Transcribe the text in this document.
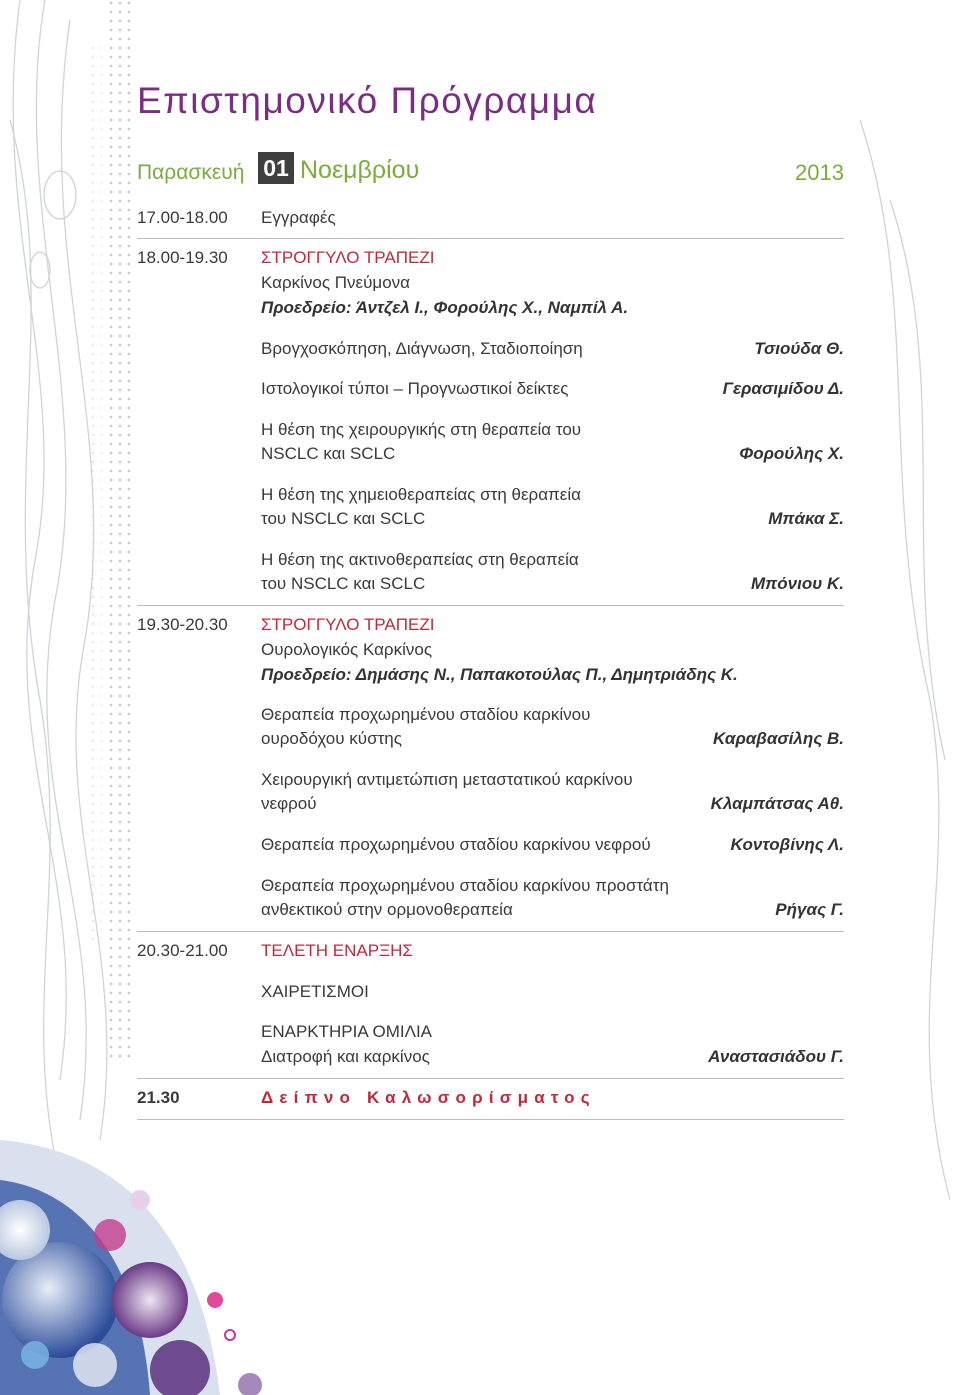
Επιστημονικό Πρόγραμμα
Παρασκευή 01 Νοεμβρίου	2013
17.00-18.00 Εγγραφές
18.00-19.30 ΣΤΡΟΓΓΥΛΟ ΤΡΑΠΕΖΙ
Καρκίνος Πνεύμονα
Προεδρείο: Άντζελ Ι., Φορούλης Χ., Ναμπίλ Α.
Βρογχοσκόπηση, Διάγνωση, Σταδιοποίηση	Τσιούδα Θ.
Ιστολογικοί τύποι – Προγνωστικοί δείκτες	Γερασιμίδου Δ.
Η θέση της χειρουργικής στη θεραπεία του
NSCLC και SCLC	Φορούλης Χ.
Η θέση της χημειοθεραπείας στη θεραπεία
του NSCLC και SCLC	Μπάκα Σ.
Η θέση της ακτινοθεραπείας στη θεραπεία
του NSCLC και SCLC	Μπόνιου Κ.
19.30-20.30 ΣΤΡΟΓΓΥΛΟ ΤΡΑΠΕΖΙ
Ουρολογικός Καρκίνος
Προεδρείο: Δημάσης Ν., Παπακοτούλας Π., Δημητριάδης Κ.
Θεραπεία προχωρημένου σταδίου καρκίνου
ουροδόχου κύστης	Καραβασίλης Β.
Χειρουργική αντιμετώπιση μεταστατικού καρκίνου
νεφρού	Κλαμπάτσας Αθ.
Θεραπεία προχωρημένου σταδίου καρκίνου νεφρού	Κοντοβίνης Λ.
Θεραπεία προχωρημένου σταδίου καρκίνου προστάτη
ανθεκτικού στην ορμονοθεραπεία	Ρήγας Γ.
20.30-21.00 ΤΕΛΕΤΗ ΕΝΑΡΞΗΣ
ΧΑΙΡΕΤΙΣΜΟΙ
ΕΝΑΡΚΤΗΡΙΑ ΟΜΙΛΙΑ
Διατροφή και καρκίνος	Αναστασιάδου Γ.
21.30	Δείπνο Καλωσορίσματος
